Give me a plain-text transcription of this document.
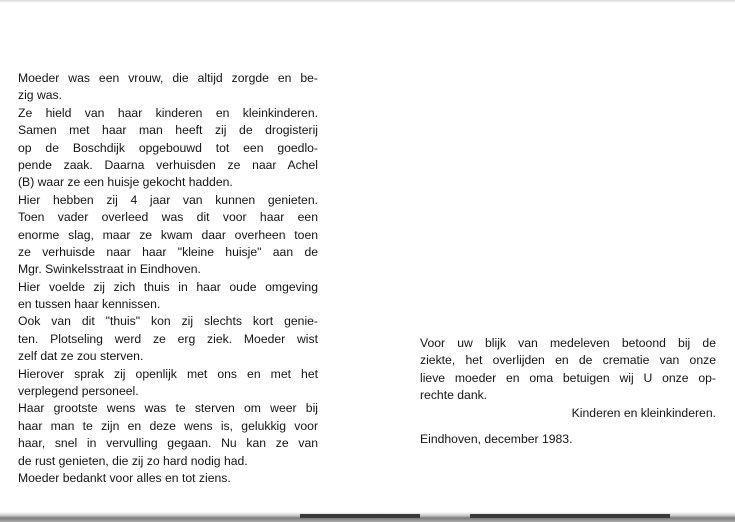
Moeder was een vrouw, die altijd zorgde en be-
zig was.
Ze hield van haar kinderen en kleinkinderen.
Samen met haar man heeft zij de drogisterij
op de Boschdijk opgebouwd tot een goedlo-
pende zaak. Daarna verhuisden ze naar Achel
(B) waar ze een huisje gekocht hadden.
Hier hebben zij 4 jaar van kunnen genieten.
Toen vader overleed was dit voor haar een
enorme slag, maar ze kwam daar overheen toen
ze verhuisde naar haar "kleine huisje" aan de
Mgr. Swinkelsstraat in Eindhoven.
Hier voelde zij zich thuis in haar oude omgeving
en tussen haar kennissen.
Ook van dit "thuis" kon zij slechts kort genie-
ten. Plotseling werd ze erg ziek. Moeder wist
zelf dat ze zou sterven.
Hierover sprak zij openlijk met ons en met het
verplegend personeel.
Haar grootste wens was te sterven om weer bij
haar man te zijn en deze wens is, gelukkig voor
haar, snel in vervulling gegaan. Nu kan ze van
de rust genieten, die zij zo hard nodig had.
Moeder bedankt voor alles en tot ziens.
Voor uw blijk van medeleven betoond bij de
ziekte, het overlijden en de crematie van onze
lieve moeder en oma betuigen wij U onze op-
rechte dank.
Kinderen en kleinkinderen.
Eindhoven, december 1983.
